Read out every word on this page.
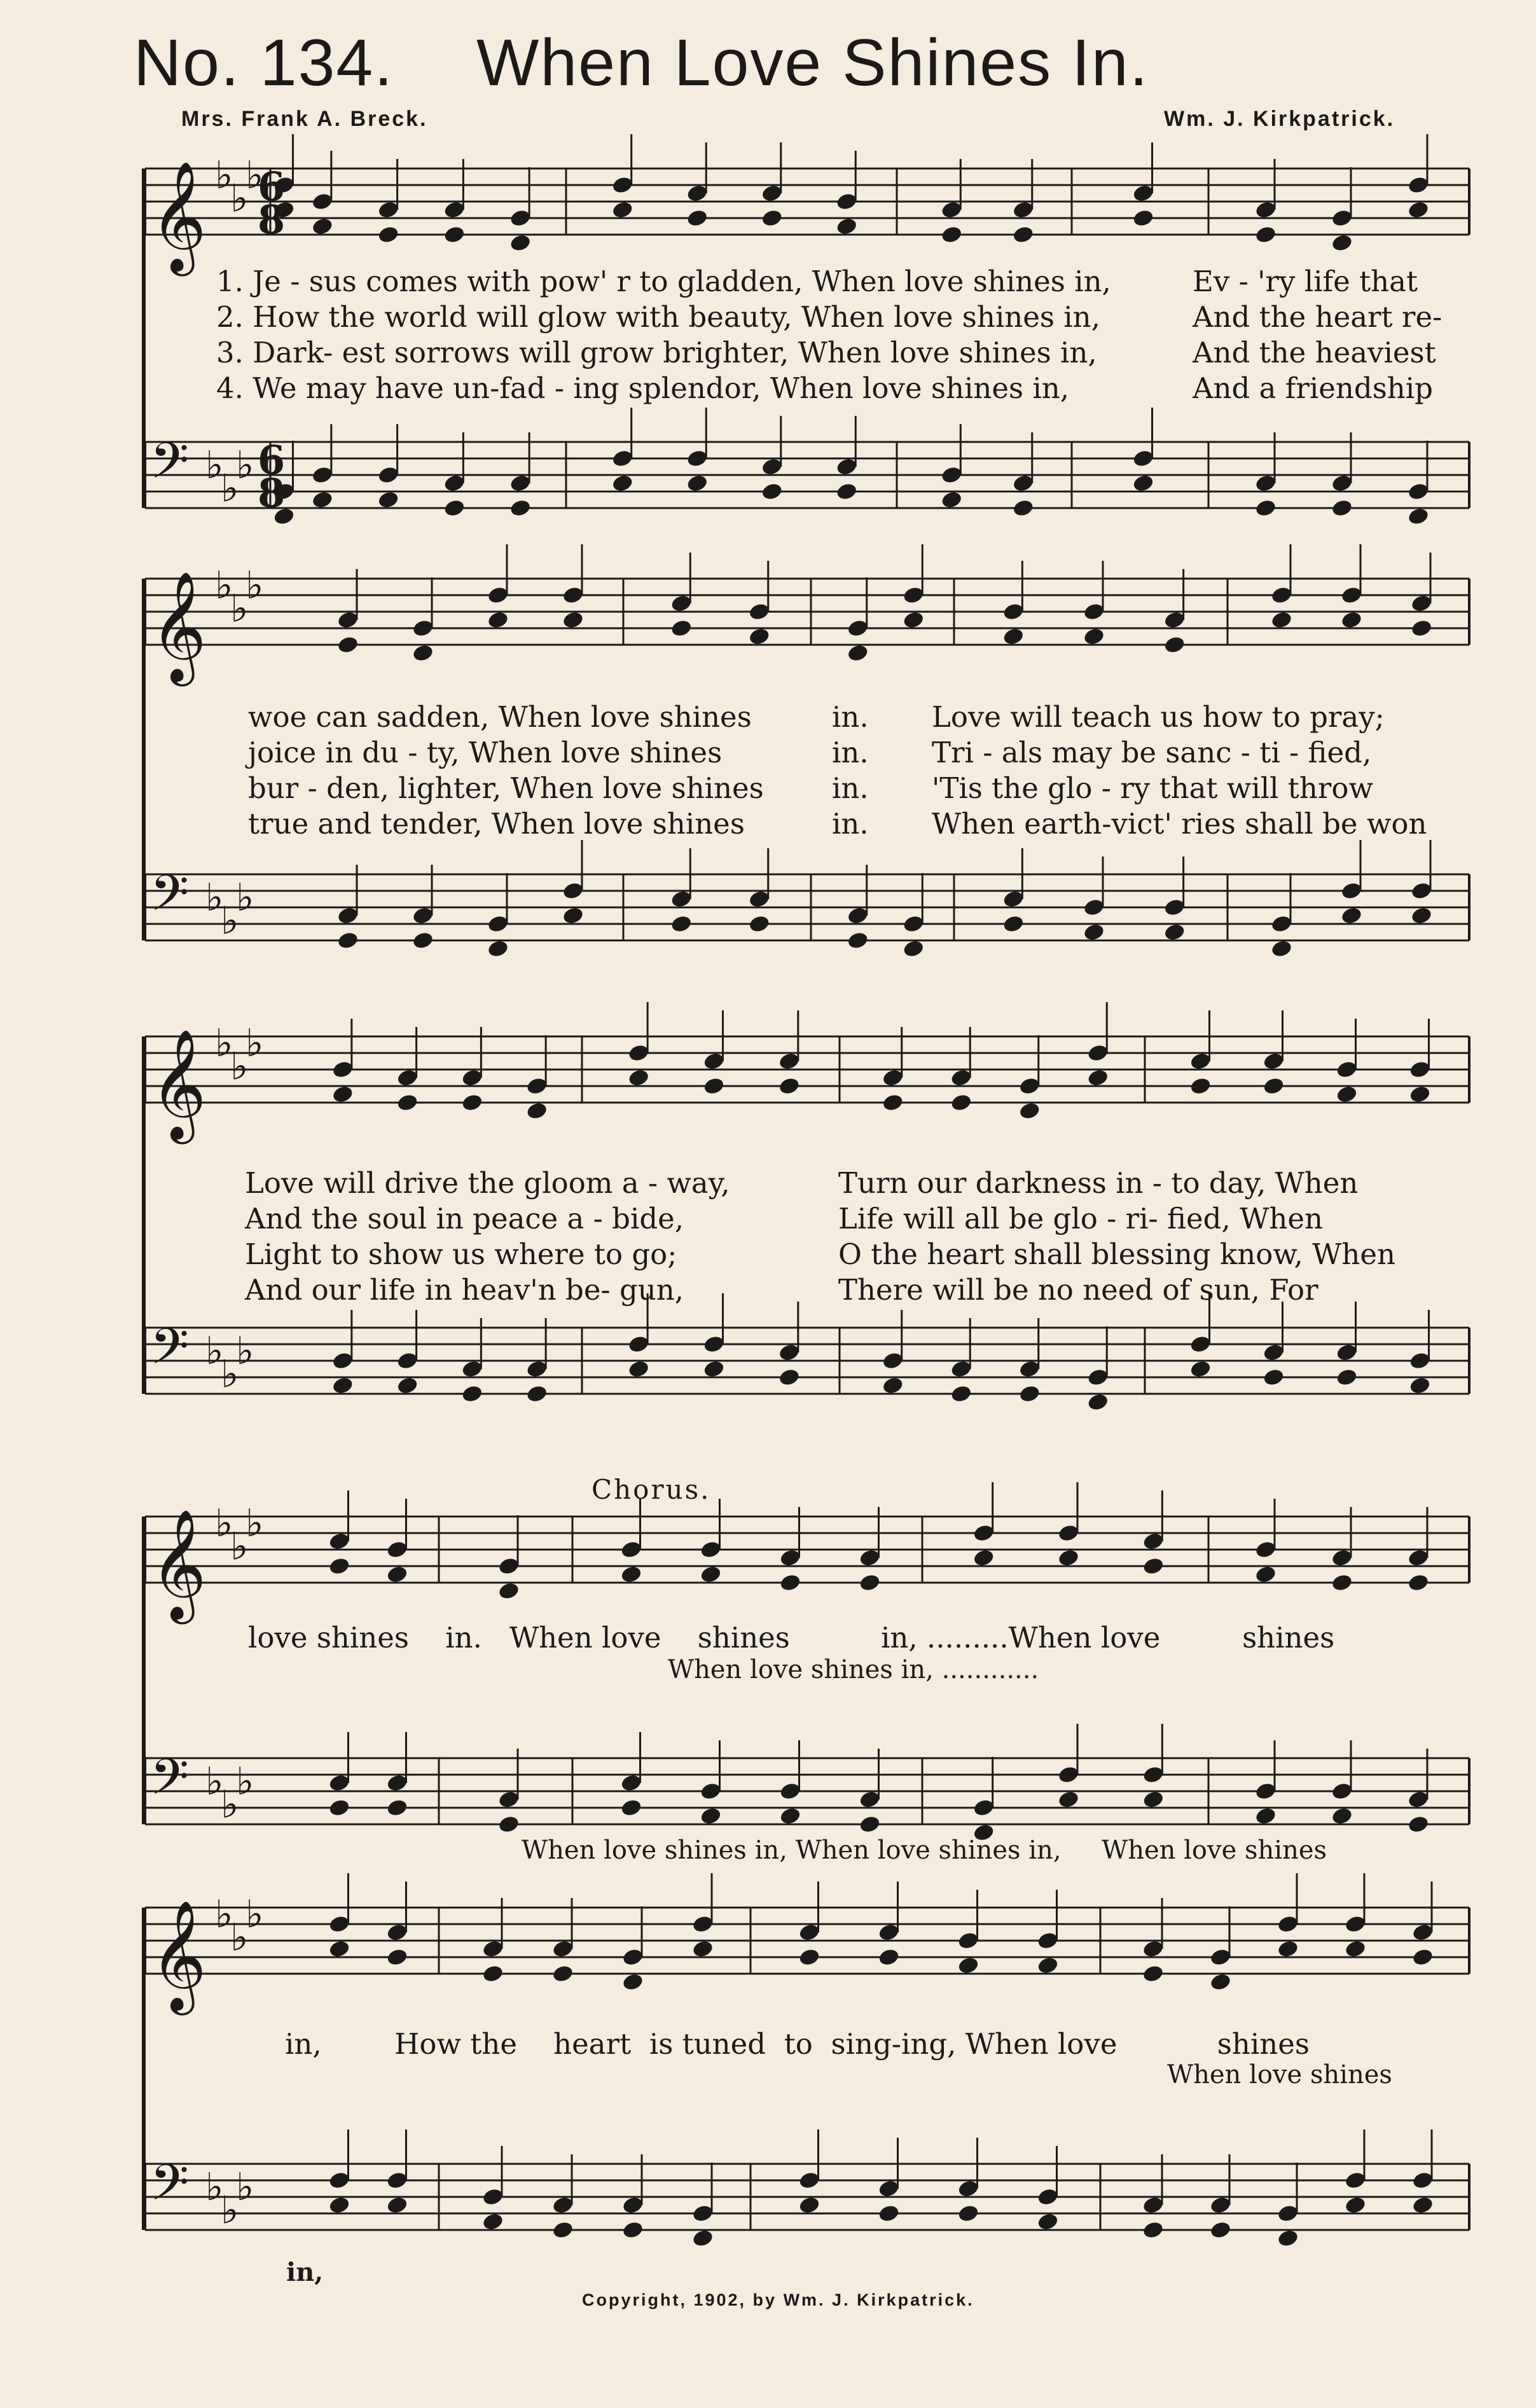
No. 134. When Love Shines In.
Mrs. Frank A. Breck.	Wm. J. Kirkpatrick.
𝄞 ♭
♭
♭
𝄢 ♭
♭
♭
𝄞 ♭
♭
♭
𝄢 ♭
♭
♭
𝄞 ♭
♭
♭
𝄢 ♭
♭
♭
𝄞 ♭
♭
♭
𝄢 ♭
♭
♭
𝄞 ♭
♭
♭
𝄢 ♭
♭
♭
6
8
6
8
1. Je - sus comes with pow' r to gladden, When love shines in,
2. How the world will glow with beauty, When love shines in,
3. Dark- est sorrows will grow brighter, When love shines in,
4. We may have un-fad - ing splendor, When love shines in,
Ev - 'ry life that
And the heart re-
And the heaviest
And a friendship
woe can sadden, When love shines
joice in du - ty, When love shines
bur - den, lighter, When love shines
true and tender, When love shines
in.
in.
in.
in.
Love will teach us how to pray;
Tri - als may be sanc - ti - fied,
'Tis the glo - ry that will throw
When earth-vict' ries shall be won
Love will drive the gloom a - way,
And the soul in peace a - bide,
Light to show us where to go;
And our life in heav'n be- gun,
Turn our darkness in - to day, When
Life will all be glo - ri- fied, When
O the heart shall blessing know, When
There will be no need of sun, For
Chorus.
love shines    in.   When love    shines          in, .........When love         shines
When love shines in, ............
When love shines in, When love shines in,     When love shines
in,        How the    heart  is tuned  to  sing-ing, When love           shines
When love shines
in,
Copyright, 1902, by Wm. J. Kirkpatrick.
